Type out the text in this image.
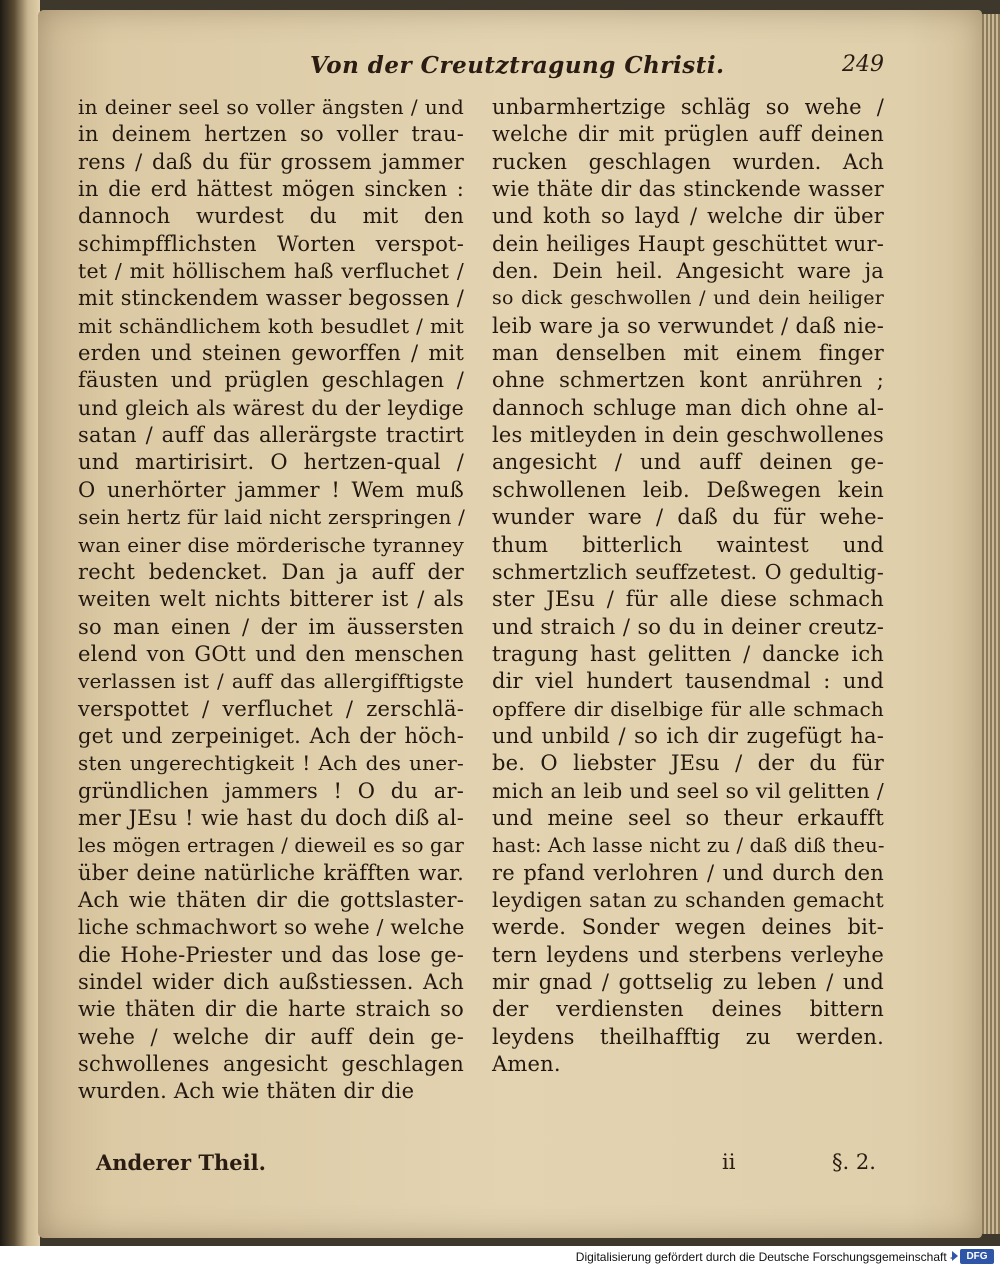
Von der Creutztragung Christi.	249
in deiner seel so voller ängsten / und
in deinem hertzen so voller trau-
rens / daß du für grossem jammer
in die erd hättest mögen sincken :
dannoch wurdest du mit den
schimpfflichsten Worten verspot-
tet / mit höllischem haß verfluchet /
mit stinckendem wasser begossen /
mit schändlichem koth besudlet / mit
erden und steinen geworffen / mit
fäusten und prüglen geschlagen /
und gleich als wärest du der leydige
satan / auff das allerärgste tractirt
und martirisirt. O hertzen-qual /
O unerhörter jammer ! Wem muß
sein hertz für laid nicht zerspringen /
wan einer dise mörderische tyranney
recht bedencket. Dan ja auff der
weiten welt nichts bitterer ist / als
so man einen / der im äussersten
elend von GOtt und den menschen
verlassen ist / auff das allergifftigste
verspottet / verfluchet / zerschlä-
get und zerpeiniget. Ach der höch-
sten ungerechtigkeit ! Ach des uner-
gründlichen jammers ! O du ar-
mer JEsu ! wie hast du doch diß al-
les mögen ertragen / dieweil es so gar
über deine natürliche kräfften war.
Ach wie thäten dir die gottslaster-
liche schmachwort so wehe / welche
die Hohe-Priester und das lose ge-
sindel wider dich außstiessen. Ach
wie thäten dir die harte straich so
wehe / welche dir auff dein ge-
schwollenes angesicht geschlagen
wurden. Ach wie thäten dir die
unbarmhertzige schläg so wehe /
welche dir mit prüglen auff deinen
rucken geschlagen wurden. Ach
wie thäte dir das stinckende wasser
und koth so layd / welche dir über
dein heiliges Haupt geschüttet wur-
den. Dein heil. Angesicht ware ja
so dick geschwollen / und dein heiliger
leib ware ja so verwundet / daß nie-
man denselben mit einem finger
ohne schmertzen kont anrühren ;
dannoch schluge man dich ohne al-
les mitleyden in dein geschwollenes
angesicht / und auff deinen ge-
schwollenen leib. Deßwegen kein
wunder ware / daß du für wehe-
thum bitterlich waintest und
schmertzlich seuffzetest. O gedultig-
ster JEsu / für alle diese schmach
und straich / so du in deiner creutz-
tragung hast gelitten / dancke ich
dir viel hundert tausendmal : und
opffere dir diselbige für alle schmach
und unbild / so ich dir zugefügt ha-
be. O liebster JEsu / der du für
mich an leib und seel so vil gelitten /
und meine seel so theur erkaufft
hast: Ach lasse nicht zu / daß diß theu-
re pfand verlohren / und durch den
leydigen satan zu schanden gemacht
werde. Sonder wegen deines bit-
tern leydens und sterbens verleyhe
mir gnad / gottselig zu leben / und
der verdiensten deines bittern
leydens theilhafftig zu werden.
Amen.
Anderer Theil.	ii	§. 2.
Digitalisierung gefördert durch die Deutsche Forschungsgemeinschaft -	DFG
